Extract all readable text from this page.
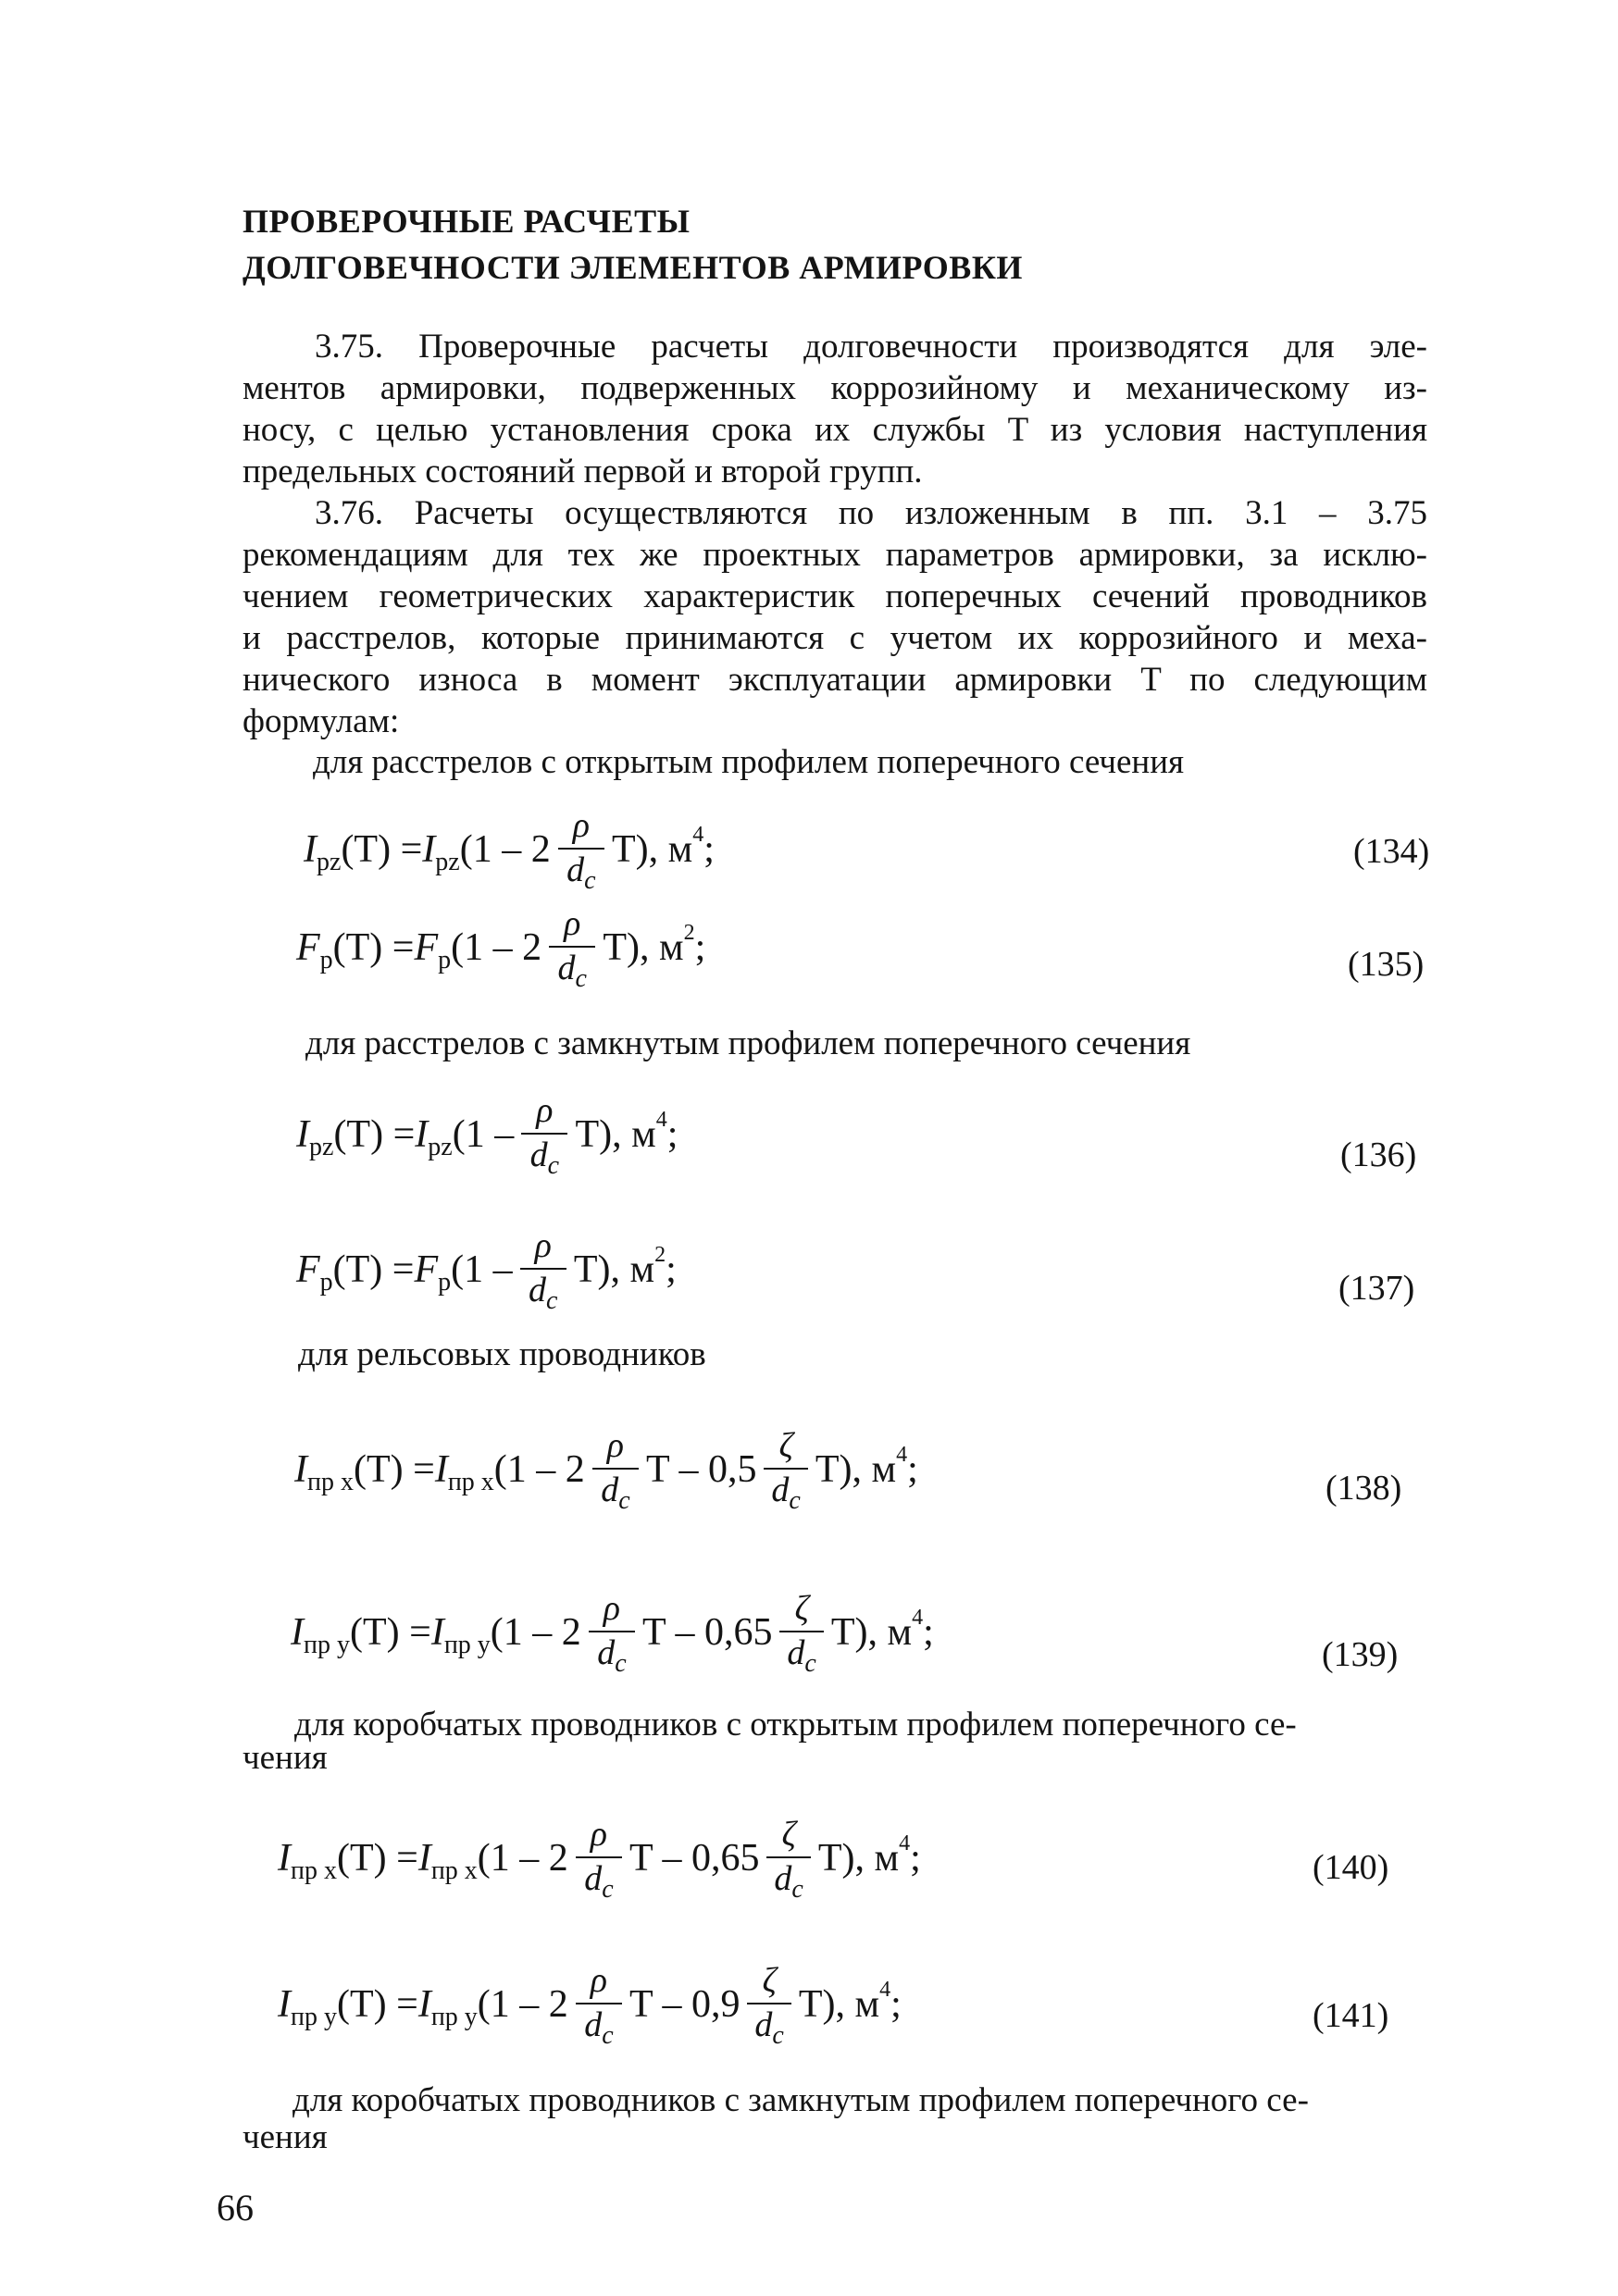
ПРОВЕРОЧНЫЕ РАСЧЕТЫ
ДОЛГОВЕЧНОСТИ ЭЛЕМЕНТОВ АРМИРОВКИ
3.75. Проверочные расчеты долговечности производятся для эле-
ментов армировки, подверженных коррозийному и механическому из-
носу, с целью установления срока их службы T из условия наступления
предельных состояний первой и второй групп.
3.76. Расчеты осуществляются по изложенным в пп. 3.1 – 3.75
рекомендациям для тех же проектных параметров армировки, за исклю-
чением геометрических характеристик поперечных сечений проводников
и расстрелов, которые принимаются с учетом их коррозийного и меха-
нического износа в момент эксплуатации армировки T по следующим
формулам:
для расстрелов с открытым профилем поперечного сечения
I pz (T) = I pz $(1 - 2 \frac{\rho}{d_с} T)$, м 4 ;	(134)
F p (T) = F p $(1 - 2 \frac{\rho}{d_с} T)$, м 2 ;	(135)
для расстрелов с замкнутым профилем поперечного сечения
I pz (T) = I pz $(1 - \frac{\rho}{d_с} T)$, м 4 ;	(136)
F p (T) = F p $(1 - \frac{\rho}{d_с} T)$, м 2 ;	(137)
для рельсовых проводников
I пр x (T) = I пр x ($1 - 2 \frac{\rho}{d_с}$ T – $0,5 \frac{\zeta}{d_с} T$), м 4 ;	(138)
I пр y (T) = I пр y ($1 - 2 \frac{\rho}{d_с}$ T – $0,65 \frac{\zeta}{d_с} T$), м 4 ;
(139)
для коробчатых проводников с открытым профилем поперечного се-
чения
I пр x (T) = I пр x ($1 - 2 \frac{\rho}{d_с}$ T – $0,65 \frac{\zeta}{d_с} T$), м 4 ;	(140)
I пр y (T) = I пр y ($1 - 2 \frac{\rho}{d_с}$ T – $0,9 \frac{\zeta}{d_с} T$), м 4 ;	(141)
для коробчатых проводников с замкнутым профилем поперечного се-
чения
66
